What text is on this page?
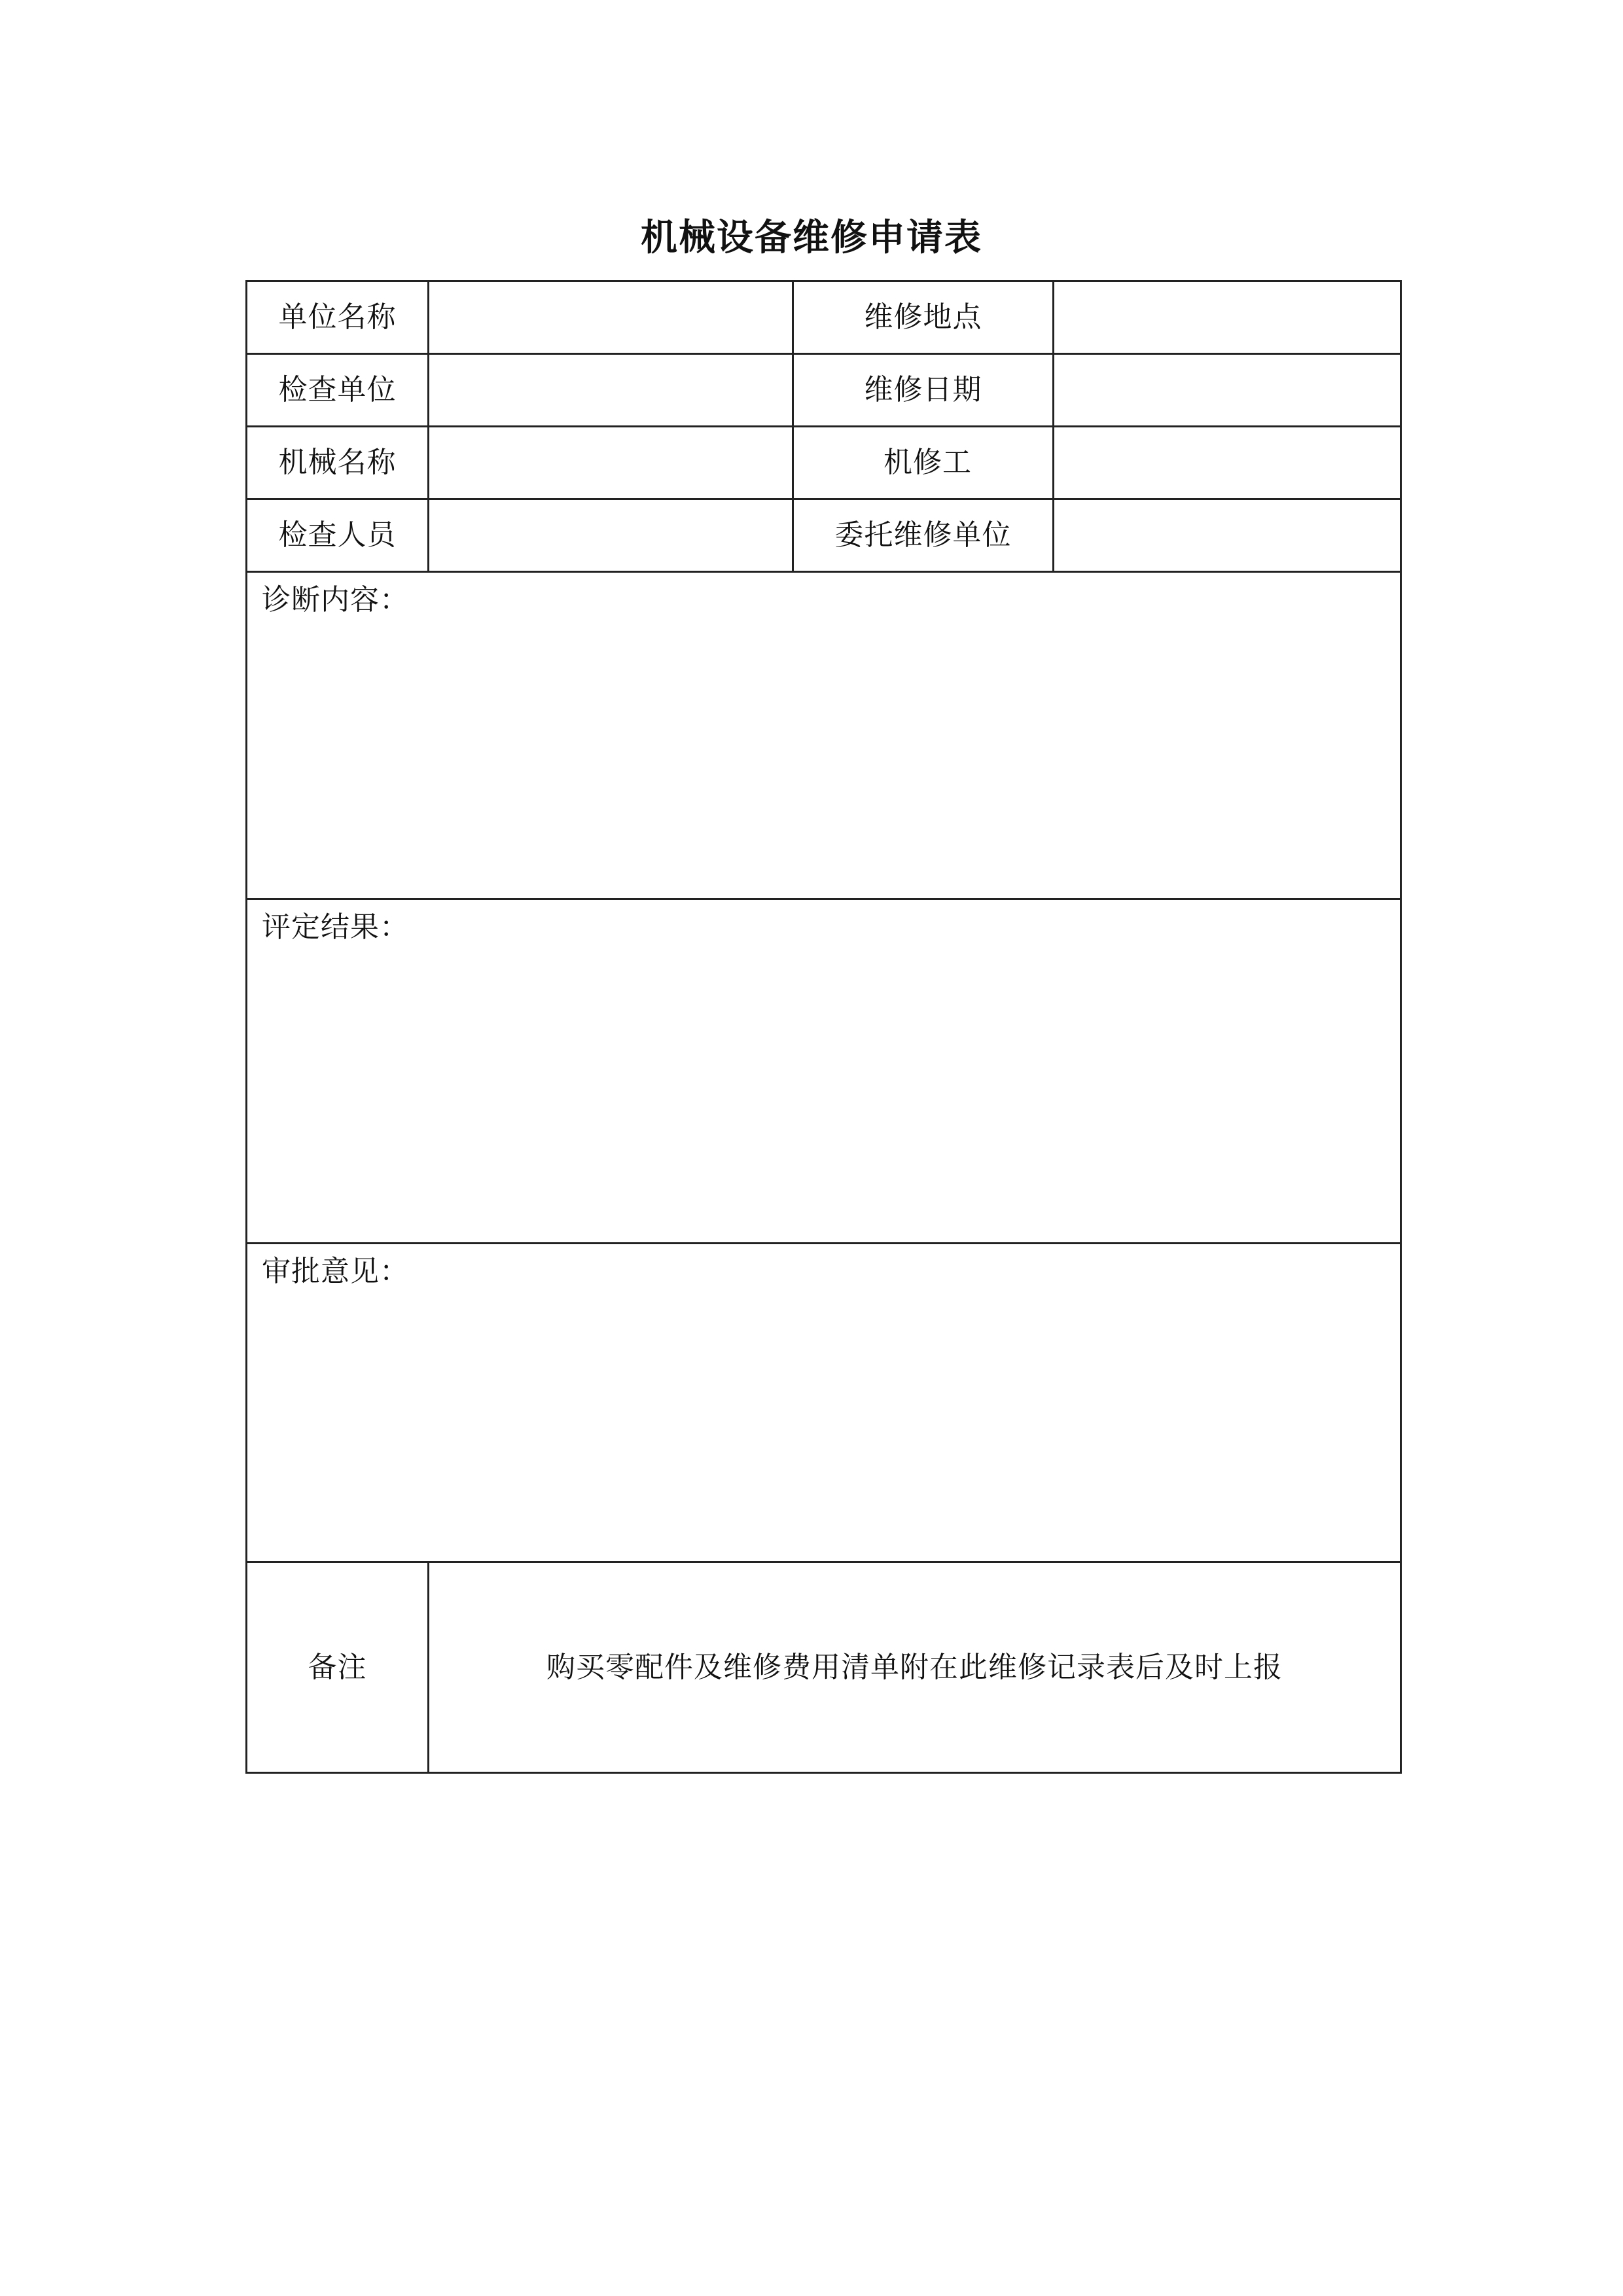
机械设备维修申请表
单位名称	维修地点
检查单位	维修日期
机械名称	机修工
检查人员	委托维修单位
诊断内容：
评定结果：
审批意见：
备注	购买零配件及维修费用清单附在此维修记录表后及时上报
